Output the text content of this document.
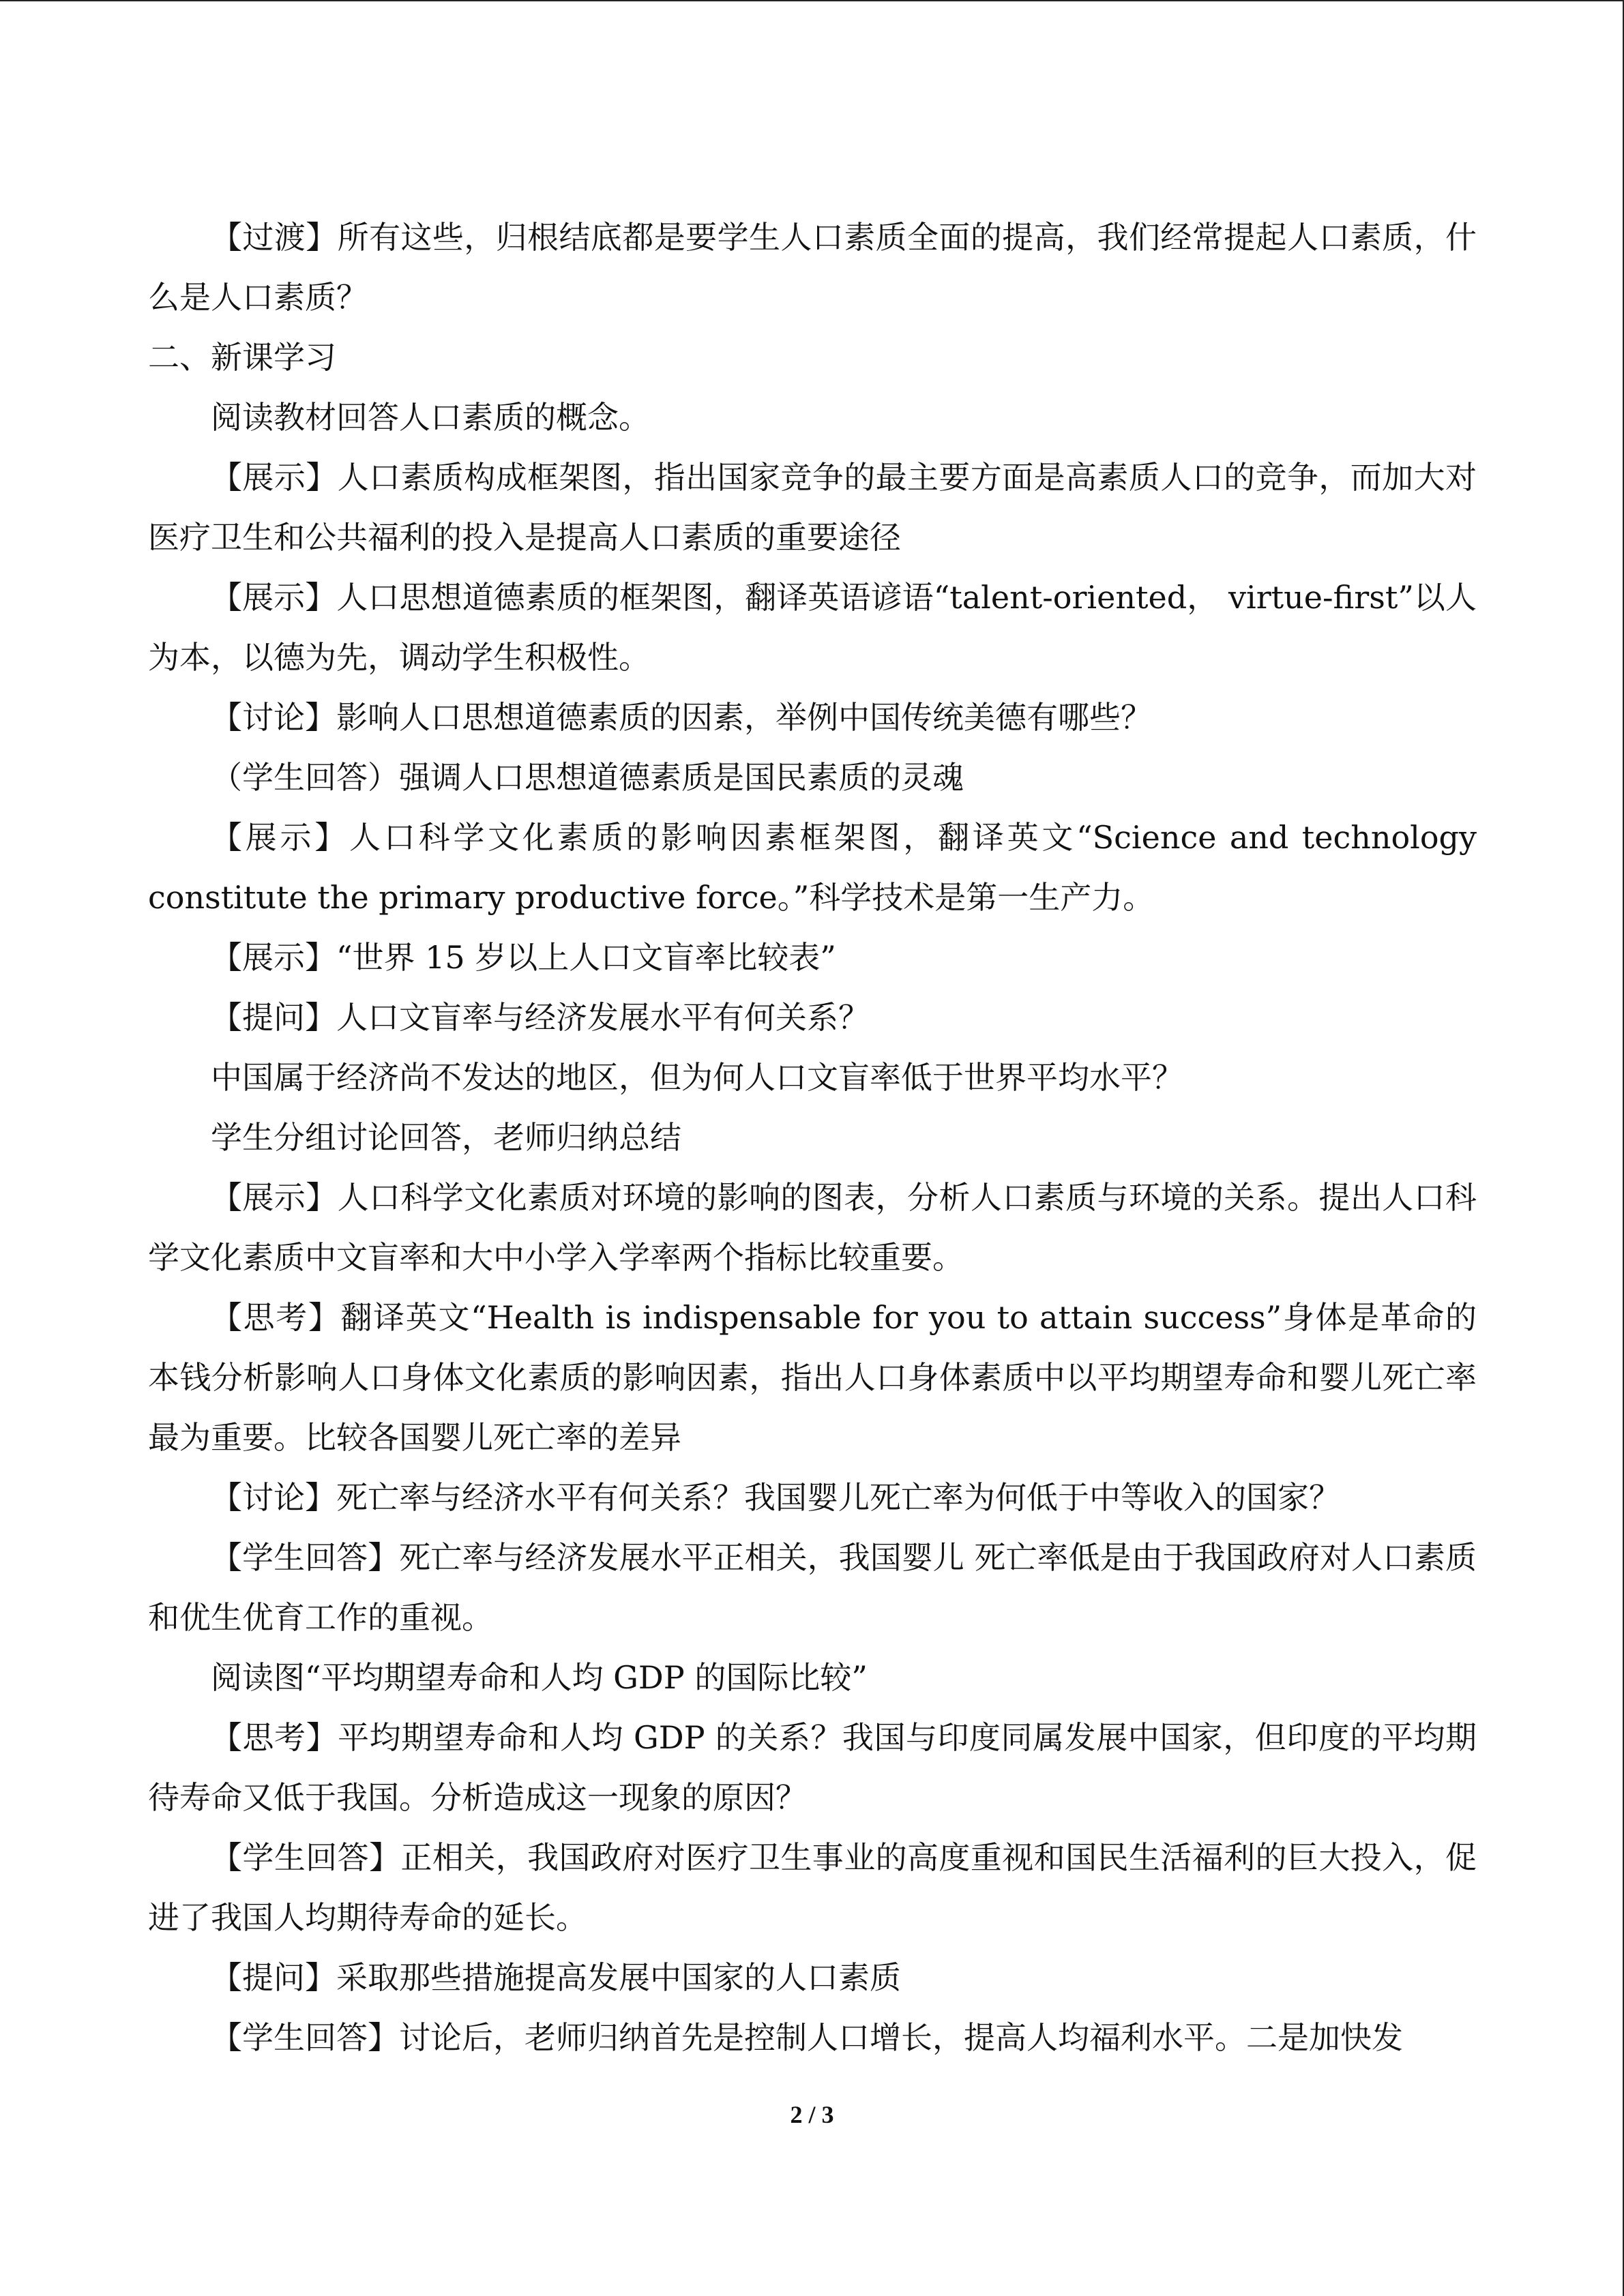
【过渡】所有这些，归根结底都是要学生人口素质全面的提高，我们经常提起人口素质，什么是人口素质？

二、新课学习

阅读教材回答人口素质的概念。

【展示】人口素质构成框架图，指出国家竞争的最主要方面是高素质人口的竞争，而加大对医疗卫生和公共福利的投入是提高人口素质的重要途径

【展示】人口思想道德素质的框架图，翻译英语谚语“talent-oriented， virtue-first”以人为本，以德为先，调动学生积极性。

【讨论】影响人口思想道德素质的因素，举例中国传统美德有哪些？

（学生回答）强调人口思想道德素质是国民素质的灵魂

【展示】人口科学文化素质的影响因素框架图，翻译英文“Science and technology constitute the primary productive force。”科学技术是第一生产力。

【展示】“世界 15 岁以上人口文盲率比较表”

【提问】人口文盲率与经济发展水平有何关系？

中国属于经济尚不发达的地区，但为何人口文盲率低于世界平均水平？

学生分组讨论回答，老师归纳总结

【展示】人口科学文化素质对环境的影响的图表，分析人口素质与环境的关系。提出人口科学文化素质中文盲率和大中小学入学率两个指标比较重要。

【思考】翻译英文“Health is indispensable for you to attain success”身体是革命的本钱分析影响人口身体文化素质的影响因素，指出人口身体素质中以平均期望寿命和婴儿死亡率最为重要。比较各国婴儿死亡率的差异

【讨论】死亡率与经济水平有何关系？我国婴儿死亡率为何低于中等收入的国家？

【学生回答】死亡率与经济发展水平正相关，我国婴儿 死亡率低是由于我国政府对人口素质和优生优育工作的重视。

阅读图“平均期望寿命和人均 GDP 的国际比较”

【思考】平均期望寿命和人均 GDP 的关系？我国与印度同属发展中国家，但印度的平均期待寿命又低于我国。分析造成这一现象的原因？

【学生回答】正相关，我国政府对医疗卫生事业的高度重视和国民生活福利的巨大投入，促进了我国人均期待寿命的延长。

【提问】采取那些措施提高发展中国家的人口素质

【学生回答】讨论后，老师归纳首先是控制人口增长，提高人均福利水平。二是加快发

2 / 3
